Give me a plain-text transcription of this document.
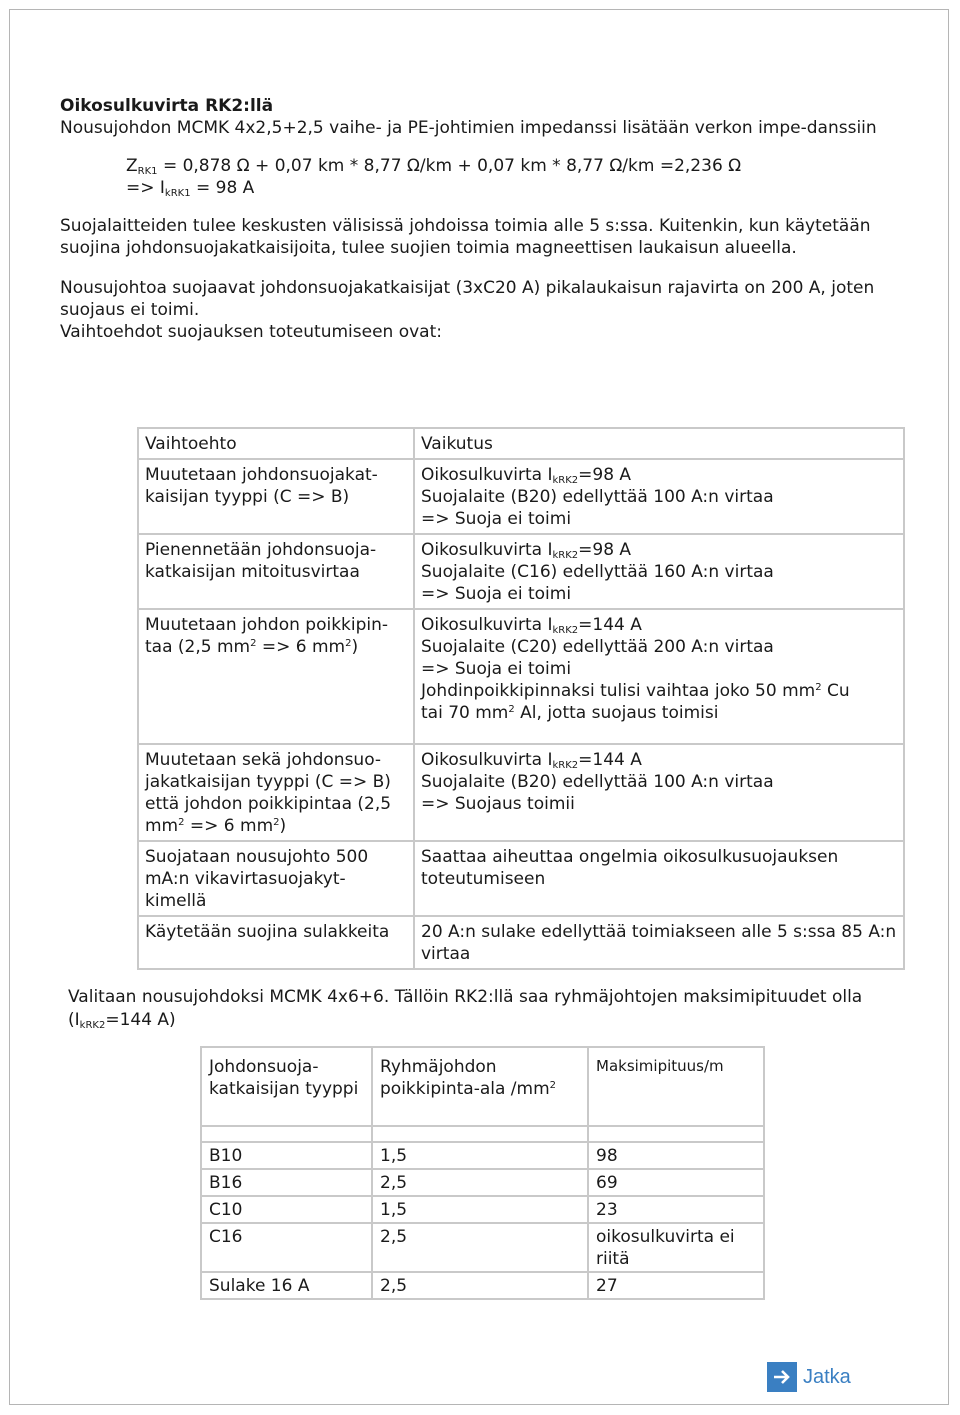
Oikosulkuvirta RK2:llä

Nousujohdon MCMK 4x2,5+2,5 vaihe- ja PE-johtimien impedanssi lisätään verkon impe-danssiin

$Z_{RK1} = 0,878$ Ω + 0,07 km * 8,77 Ω/km + 0,07 km * 8,77 Ω/km =2,236 Ω

=> $I_{kRK1} = 98$ A

Suojalaitteiden tulee keskusten välisissä johdoissa toimia alle 5 s:ssa. Kuitenkin, kun käytetään suojina johdonsuojakatkaisijoita, tulee suojien toimia magneettisen laukaisun alueella.

Nousujohtoa suojaavat johdonsuojakatkaisijat (3xC20 A) pikalaukaisun rajavirta on 200 A, joten suojaus ei toimi.

Vaihtoehdot suojauksen toteutumiseen ovat:

Vaihtoehto	Vaikutus
Muutetaan johdonsuojakat-kaisijan tyyppi (C => B)	Oikosulkuvirta $I_{kRK2}=98$ A
Suojalaite (B20) edellyttää 100 A:n virtaa
=> Suoja ei toimi
Pienennetään johdonsuoja-katkaisijan mitoitusvirtaa	Oikosulkuvirta $I_{kRK2}=98$ A
Suojalaite (C16) edellyttää 160 A:n virtaa
=> Suoja ei toimi
Muutetaan johdon poikkipin-taa (2,5 $mm^2 => 6$ $mm^2$)	Oikosulkuvirta $I_{kRK2}=144$ A
Suojalaite (C20) edellyttää 200 A:n virtaa
=> Suoja ei toimi
Johdinpoikkipinnaksi tulisi vaihtaa joko 50 $mm^2$ Cu
tai 70 $mm^2$ Al, jotta suojaus toimisi
Muutetaan sekä johdonsuo-jakatkaisijan tyyppi (C => B) että johdon poikkipintaa (2,5 $mm^2 => 6$ $mm^2$)	Oikosulkuvirta $I_{kRK2}=144$ A
Suojalaite (B20) edellyttää 100 A:n virtaa
=> Suojaus toimii
Suojataan nousujohto 500 mA:n vikavirtasuojakyt-kimellä	Saattaa aiheuttaa ongelmia oikosulkusuojauksen toteutumiseen
Käytetään suojina sulakkeita	20 A:n sulake edellyttää toimiakseen alle 5 s:ssa 85 A:n virtaa

Valitaan nousujohdoksi MCMK 4x6+6. Tällöin RK2:llä saa ryhmäjohtojen maksimipituudet olla ($I_{kRK2}=144$ A)

Johdonsuoja-katkaisijan tyyppi	Ryhmäjohdon poikkipinta-ala $/mm^2$	Maksimipituus/m

B10	1,5	98
B16	2,5	69
C10	1,5	23
C16	2,5	oikosulkuvirta ei riitä
Sulake 16 A	2,5	27
Jatka
